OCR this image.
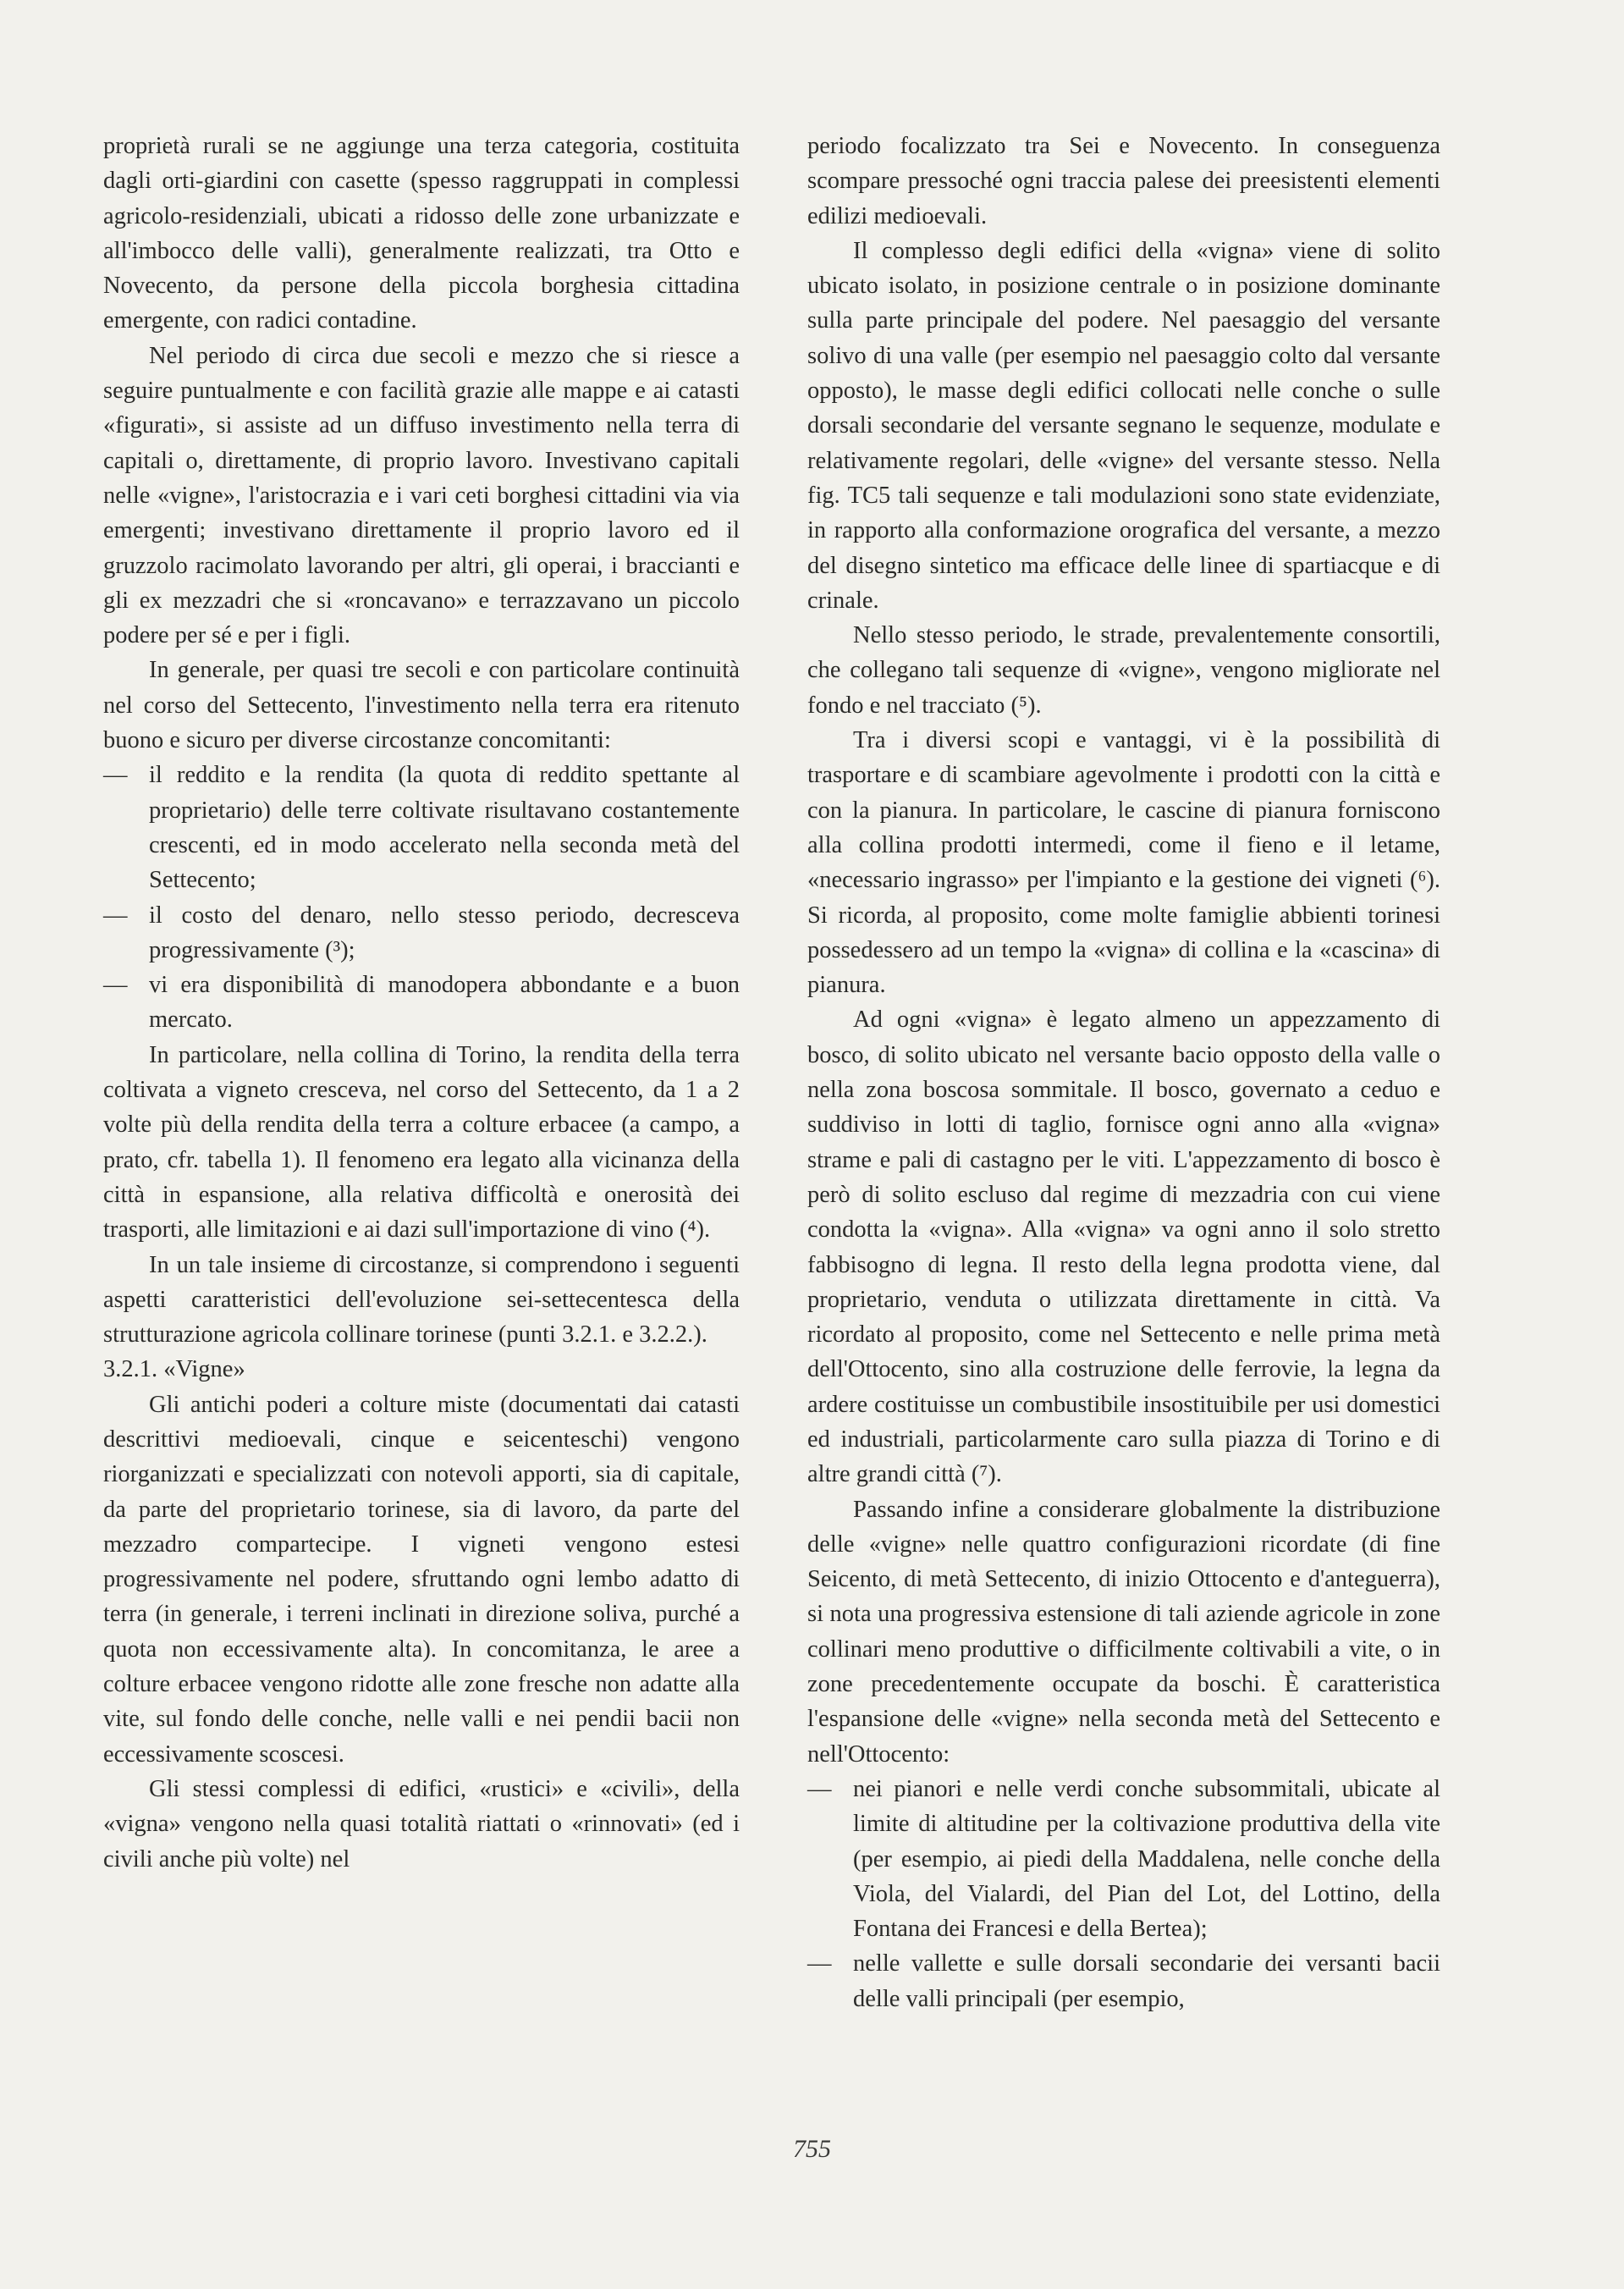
proprietà rurali se ne aggiunge una terza categoria, costituita dagli orti-giardini con casette (spesso raggruppati in complessi agricolo-residenziali, ubicati a ridosso delle zone urbanizzate e all'imbocco delle valli), generalmente realizzati, tra Otto e Novecento, da persone della piccola borghesia cittadina emergente, con radici contadine.

Nel periodo di circa due secoli e mezzo che si riesce a seguire puntualmente e con facilità grazie alle mappe e ai catasti «figurati», si assiste ad un diffuso investimento nella terra di capitali o, direttamente, di proprio lavoro. Investivano capitali nelle «vigne», l'aristocrazia e i vari ceti borghesi cittadini via via emergenti; investivano direttamente il proprio lavoro ed il gruzzolo racimolato lavorando per altri, gli operai, i braccianti e gli ex mezzadri che si «roncavano» e terrazzavano un piccolo podere per sé e per i figli.

In generale, per quasi tre secoli e con particolare continuità nel corso del Settecento, l'investimento nella terra era ritenuto buono e sicuro per diverse circostanze concomitanti:

— il reddito e la rendita (la quota di reddito spettante al proprietario) delle terre coltivate risultavano costantemente crescenti, ed in modo accelerato nella seconda metà del Settecento;
— il costo del denaro, nello stesso periodo, decresceva progressivamente (³);
— vi era disponibilità di manodopera abbondante e a buon mercato.

In particolare, nella collina di Torino, la rendita della terra coltivata a vigneto cresceva, nel corso del Settecento, da 1 a 2 volte più della rendita della terra a colture erbacee (a campo, a prato, cfr. tabella 1). Il fenomeno era legato alla vicinanza della città in espansione, alla relativa difficoltà e onerosità dei trasporti, alle limitazioni e ai dazi sull'importazione di vino (⁴).

In un tale insieme di circostanze, si comprendono i seguenti aspetti caratteristici dell'evoluzione sei-settecentesca della strutturazione agricola collinare torinese (punti 3.2.1. e 3.2.2.).

3.2.1. «Vigne»

Gli antichi poderi a colture miste (documentati dai catasti descrittivi medioevali, cinque e seicenteschi) vengono riorganizzati e specializzati con notevoli apporti, sia di capitale, da parte del proprietario torinese, sia di lavoro, da parte del mezzadro compartecipe. I vigneti vengono estesi progressivamente nel podere, sfruttando ogni lembo adatto di terra (in generale, i terreni inclinati in direzione soliva, purché a quota non eccessivamente alta). In concomitanza, le aree a colture erbacee vengono ridotte alle zone fresche non adatte alla vite, sul fondo delle conche, nelle valli e nei pendii bacii non eccessivamente scoscesi.

Gli stessi complessi di edifici, «rustici» e «civili», della «vigna» vengono nella quasi totalità riattati o «rinnovati» (ed i civili anche più volte) nel

periodo focalizzato tra Sei e Novecento. In conseguenza scompare pressoché ogni traccia palese dei preesistenti elementi edilizi medioevali.

Il complesso degli edifici della «vigna» viene di solito ubicato isolato, in posizione centrale o in posizione dominante sulla parte principale del podere. Nel paesaggio del versante solivo di una valle (per esempio nel paesaggio colto dal versante opposto), le masse degli edifici collocati nelle conche o sulle dorsali secondarie del versante segnano le sequenze, modulate e relativamente regolari, delle «vigne» del versante stesso. Nella fig. TC5 tali sequenze e tali modulazioni sono state evidenziate, in rapporto alla conformazione orografica del versante, a mezzo del disegno sintetico ma efficace delle linee di spartiacque e di crinale.

Nello stesso periodo, le strade, prevalentemente consortili, che collegano tali sequenze di «vigne», vengono migliorate nel fondo e nel tracciato (⁵).

Tra i diversi scopi e vantaggi, vi è la possibilità di trasportare e di scambiare agevolmente i prodotti con la città e con la pianura. In particolare, le cascine di pianura forniscono alla collina prodotti intermedi, come il fieno e il letame, «necessario ingrasso» per l'impianto e la gestione dei vigneti (⁶). Si ricorda, al proposito, come molte famiglie abbienti torinesi possedessero ad un tempo la «vigna» di collina e la «cascina» di pianura.

Ad ogni «vigna» è legato almeno un appezzamento di bosco, di solito ubicato nel versante bacio opposto della valle o nella zona boscosa sommitale. Il bosco, governato a ceduo e suddiviso in lotti di taglio, fornisce ogni anno alla «vigna» strame e pali di castagno per le viti. L'appezzamento di bosco è però di solito escluso dal regime di mezzadria con cui viene condotta la «vigna». Alla «vigna» va ogni anno il solo stretto fabbisogno di legna. Il resto della legna prodotta viene, dal proprietario, venduta o utilizzata direttamente in città. Va ricordato al proposito, come nel Settecento e nelle prima metà dell'Ottocento, sino alla costruzione delle ferrovie, la legna da ardere costituisse un combustibile insostituibile per usi domestici ed industriali, particolarmente caro sulla piazza di Torino e di altre grandi città (⁷).

Passando infine a considerare globalmente la distribuzione delle «vigne» nelle quattro configurazioni ricordate (di fine Seicento, di metà Settecento, di inizio Ottocento e d'anteguerra), si nota una progressiva estensione di tali aziende agricole in zone collinari meno produttive o difficilmente coltivabili a vite, o in zone precedentemente occupate da boschi. È caratteristica l'espansione delle «vigne» nella seconda metà del Settecento e nell'Ottocento:

— nei pianori e nelle verdi conche subsommitali, ubicate al limite di altitudine per la coltivazione produttiva della vite (per esempio, ai piedi della Maddalena, nelle conche della Viola, del Vialardi, del Pian del Lot, del Lottino, della Fontana dei Francesi e della Bertea);
— nelle vallette e sulle dorsali secondarie dei versanti bacii delle valli principali (per esempio,
755
